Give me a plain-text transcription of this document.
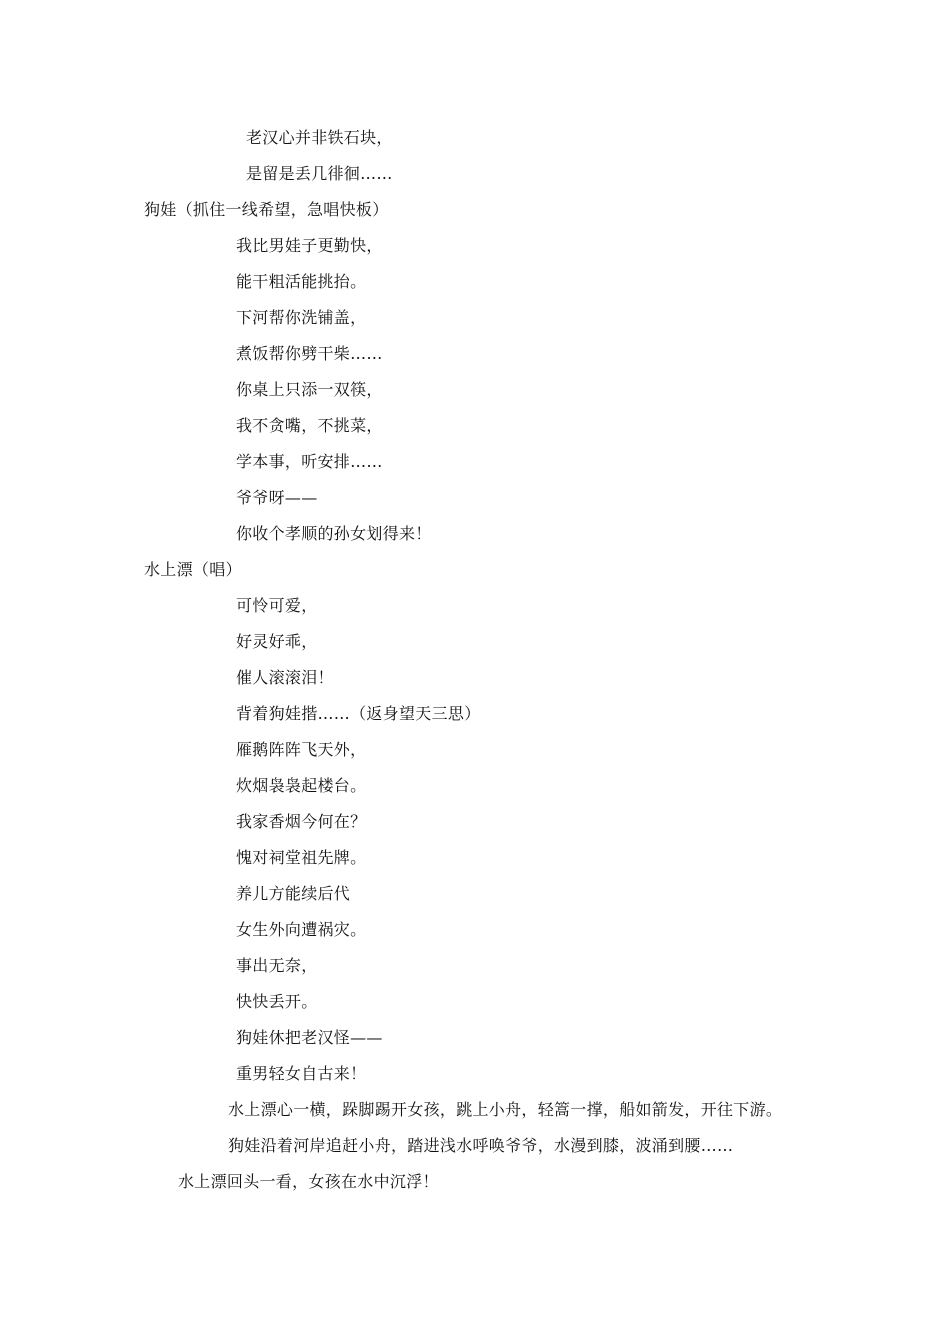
老汉心并非铁石块，
是留是丢几徘徊……
狗娃（抓住一线希望，急唱快板）
我比男娃子更勤快，
能干粗活能挑抬。
下河帮你洗铺盖，
煮饭帮你劈干柴……
你桌上只添一双筷，
我不贪嘴，不挑菜，
学本事，听安排……
爷爷呀——
你收个孝顺的孙女划得来！
水上漂（唱）
可怜可爱，
好灵好乖，
催人滚滚泪！
背着狗娃揩……（返身望天三思）
雁鹅阵阵飞天外，
炊烟袅袅起楼台。
我家香烟今何在？
愧对祠堂祖先牌。
养儿方能续后代
女生外向遭祸灾。
事出无奈，
快快丢开。
狗娃休把老汉怪——
重男轻女自古来！
水上漂心一横，跺脚踢开女孩，跳上小舟，轻篙一撑，船如箭发，开往下游。
狗娃沿着河岸追赶小舟，踏进浅水呼唤爷爷，水漫到膝，波涌到腰……
水上漂回头一看，女孩在水中沉浮！
